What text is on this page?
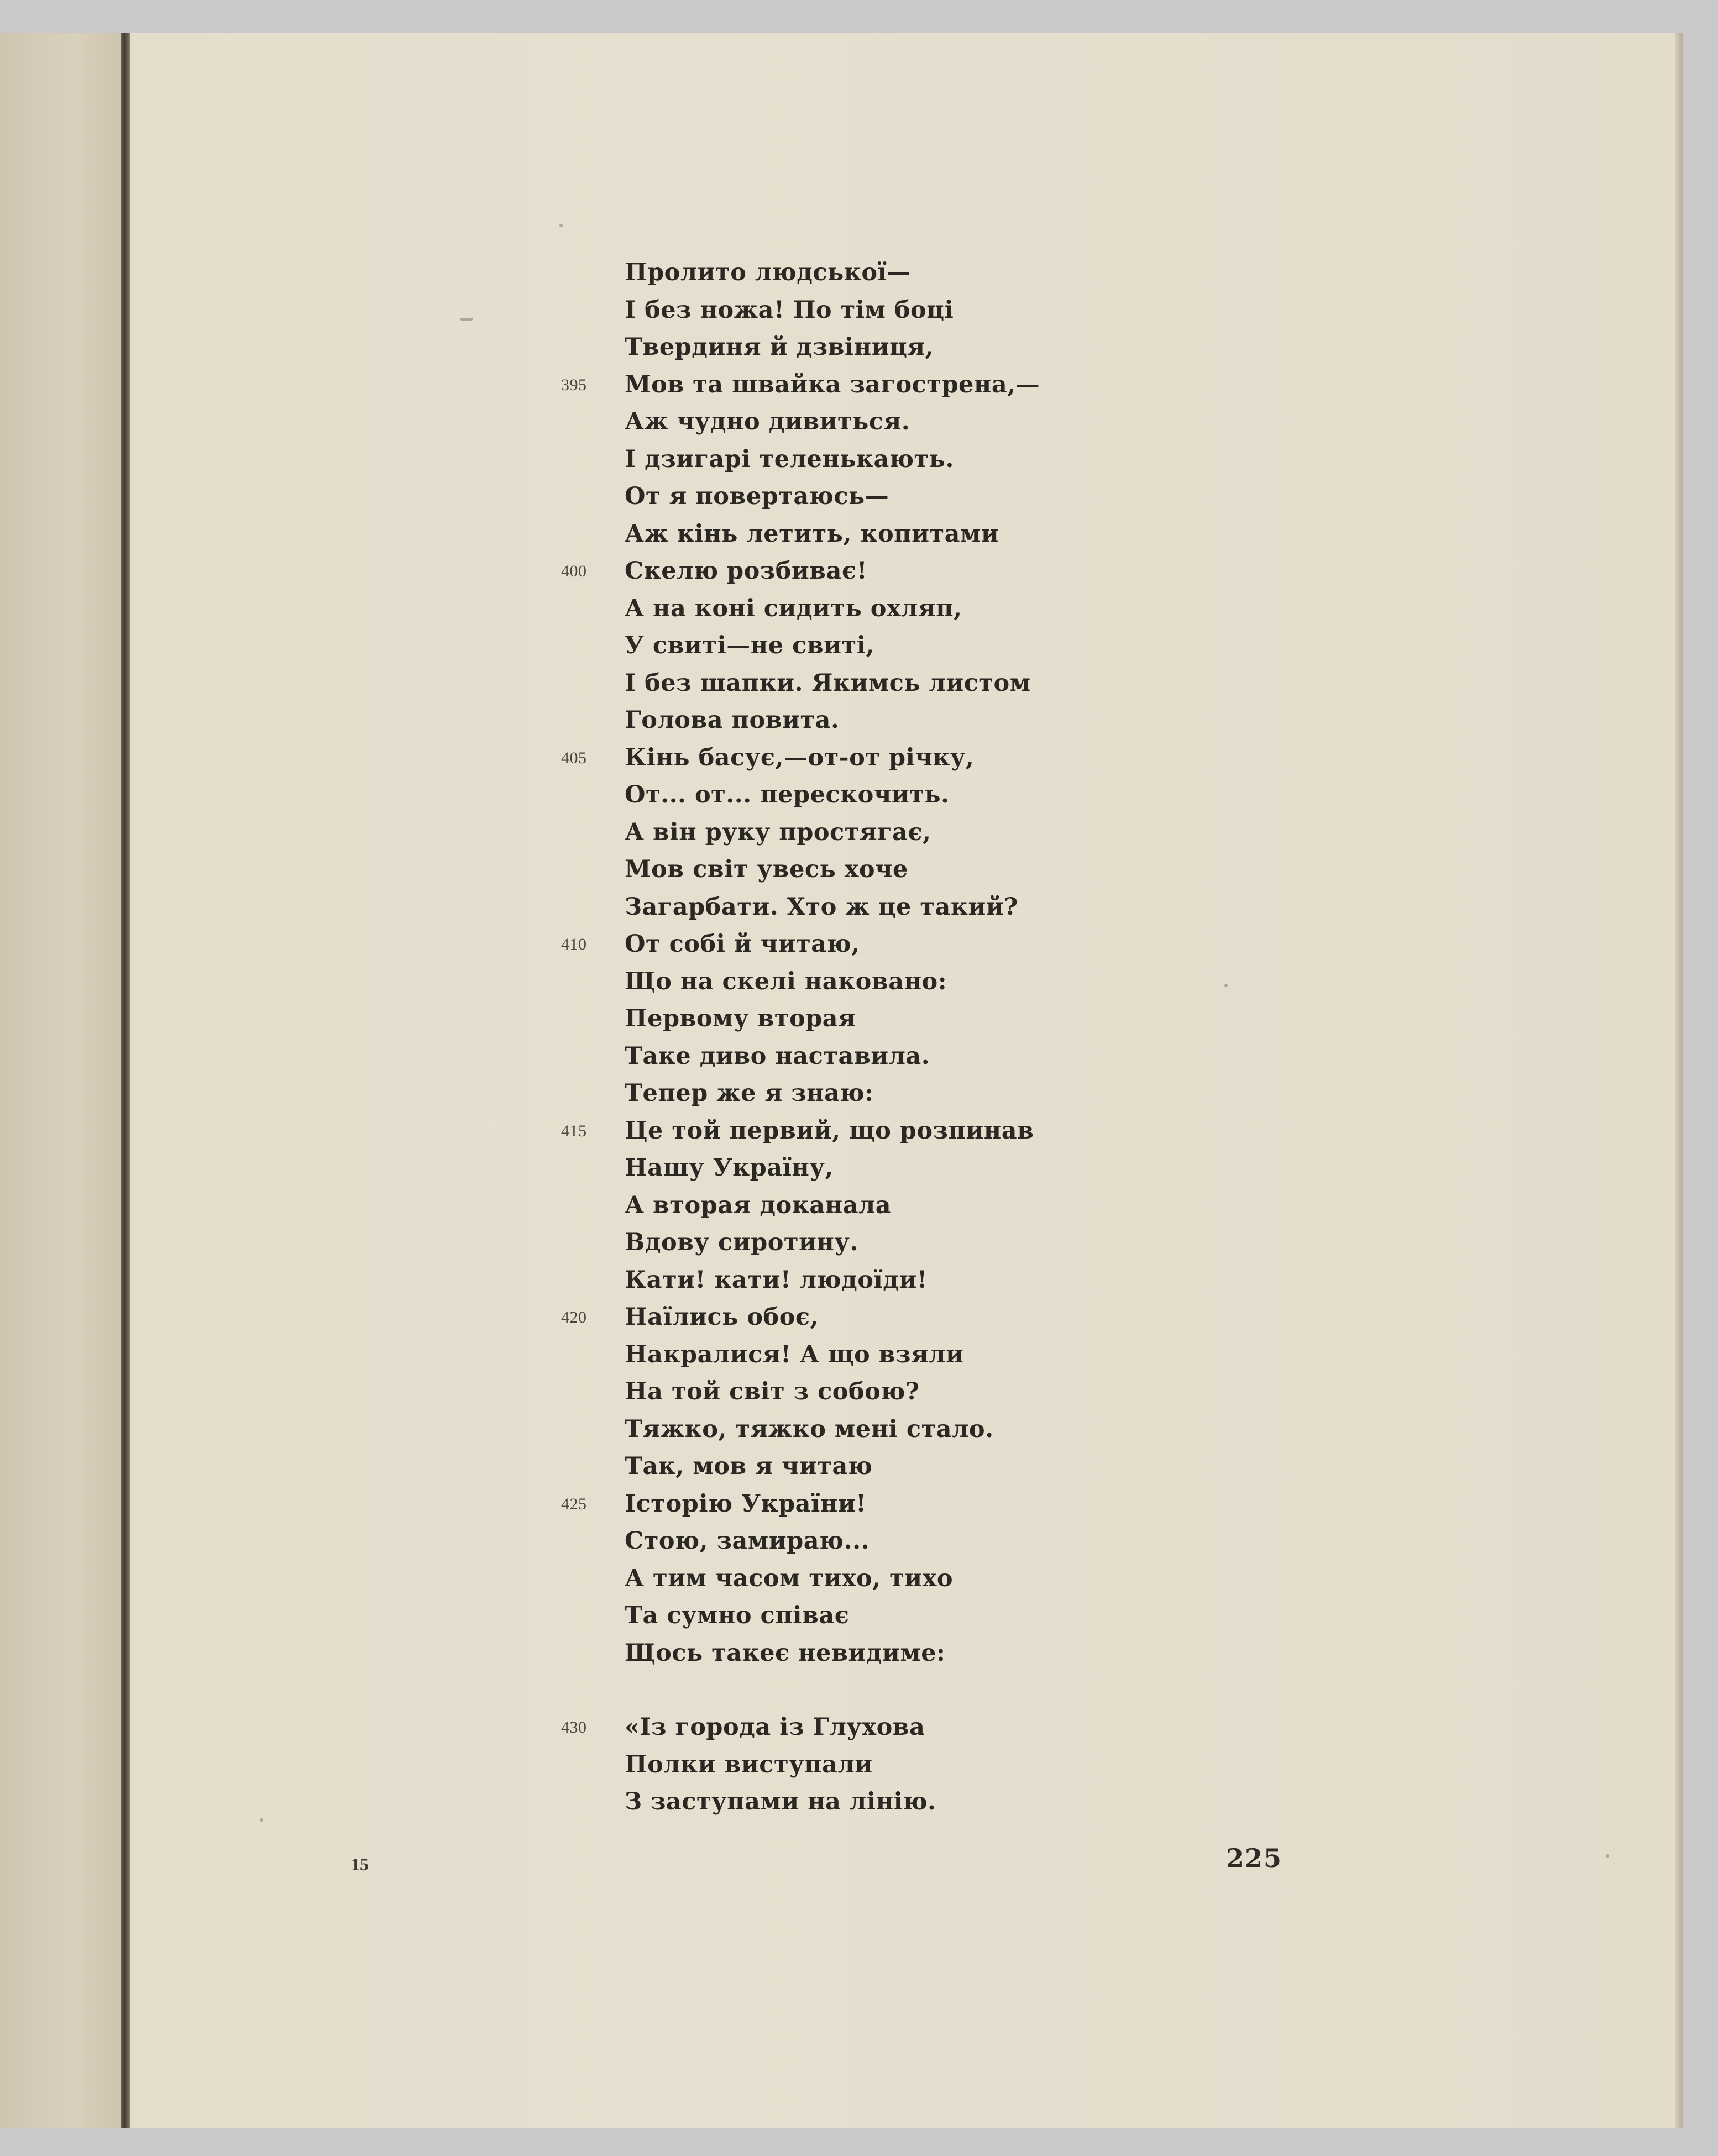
Пролито людської—
І без ножа! По тім боці
Твердиня й дзвіниця,
395	Мов та швайка загострена,—
Аж чудно дивиться.
І дзигарі теленькають.
От я повертаюсь—
Аж кінь летить, копитами
400	Скелю розбиває!
А на коні сидить охляп,
У свиті—не свиті,
І без шапки. Якимсь листом
Голова повита.
405	Кінь басує,—от-от річку,
От... от... перескочить.
А він руку простягає,
Мов світ увесь хоче
Загарбати. Хто ж це такий?
410	От собі й читаю,
Що на скелі наковано:
Первому вторая
Таке диво наставила.
Тепер же я знаю:
415	Це той первий, що розпинав
Нашу Україну,
А вторая доканала
Вдову сиротину.
Кати! кати! людоїди!
420	Наїлись обоє,
Накралися! А що взяли
На той світ з собою?
Тяжко, тяжко мені стало.
Так, мов я читаю
425	Історію України!
Стою, замираю...
А тим часом тихо, тихо
Та сумно співає
Щось такеє невидиме:
430	«Із города із Глухова
Полки виступали
З заступами на лінію.
15	225
